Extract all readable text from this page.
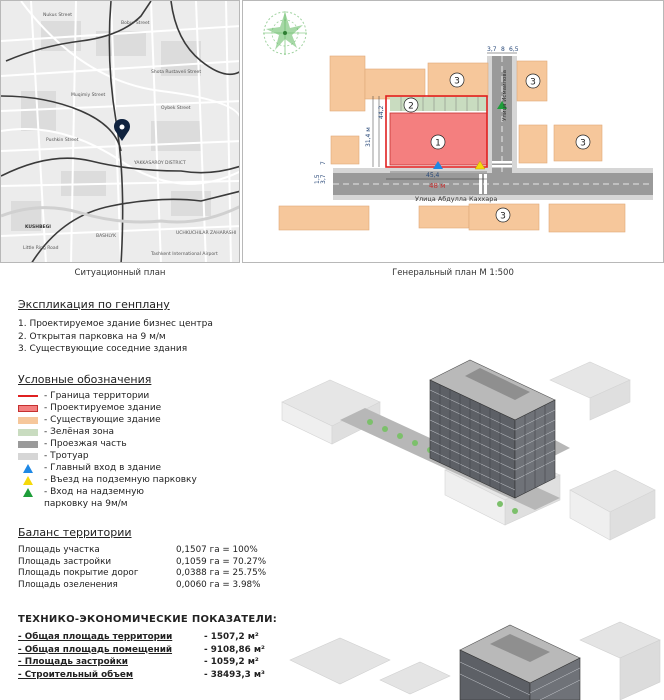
Nukus Street
Bobur Street
Shota Rustaveli Street
Muqimiy Street
Oybek Street
Pushkin Street
YAKKASAROY DISTRICT
KUSHBEGI
BASHLYK
UCHKUCHILAR ZAHARASHI
Tashkent International Airport
Little Ring Road
1
2
3	3
3
3
45,4
48 м
31,4 м
44,2
3,7 8 6,5
1,5 3,7
7
Улица Абдулла Каххара
Улица Исмаилова
Ситуационный план	Генеральный план М 1:500
Экспликация по генплану
1. Проектируемое здание бизнес центра
2. Открытая парковка на 9 м/м
3. Существующие соседние здания
Условные обозначения
- Граница территории
- Проектируемое здание
- Существующие здание
- Зелёная зона
- Проезжая часть
- Тротуар
- Главный вход в здание
- Въезд на подземную парковку
- Вход на надземную
парковку на 9м/м
Баланс территории
Площадь участка	0,1507 га = 100%
Площадь застройки	0,1059 га = 70.27%
Площадь покрытие дорог	0,0388 га = 25.75%
Площадь озеленения	0,0060 га = 3.98%
ТЕХНИКО-ЭКОНОМИЧЕСКИЕ ПОКАЗАТЕЛИ:
- Общая площадь территории	- 1507,2 м²
- Общая площадь помещений	- 9108,86 м²
- Площадь застройки	- 1059,2 м²
- Строительный объем	- 38493,3 м³
